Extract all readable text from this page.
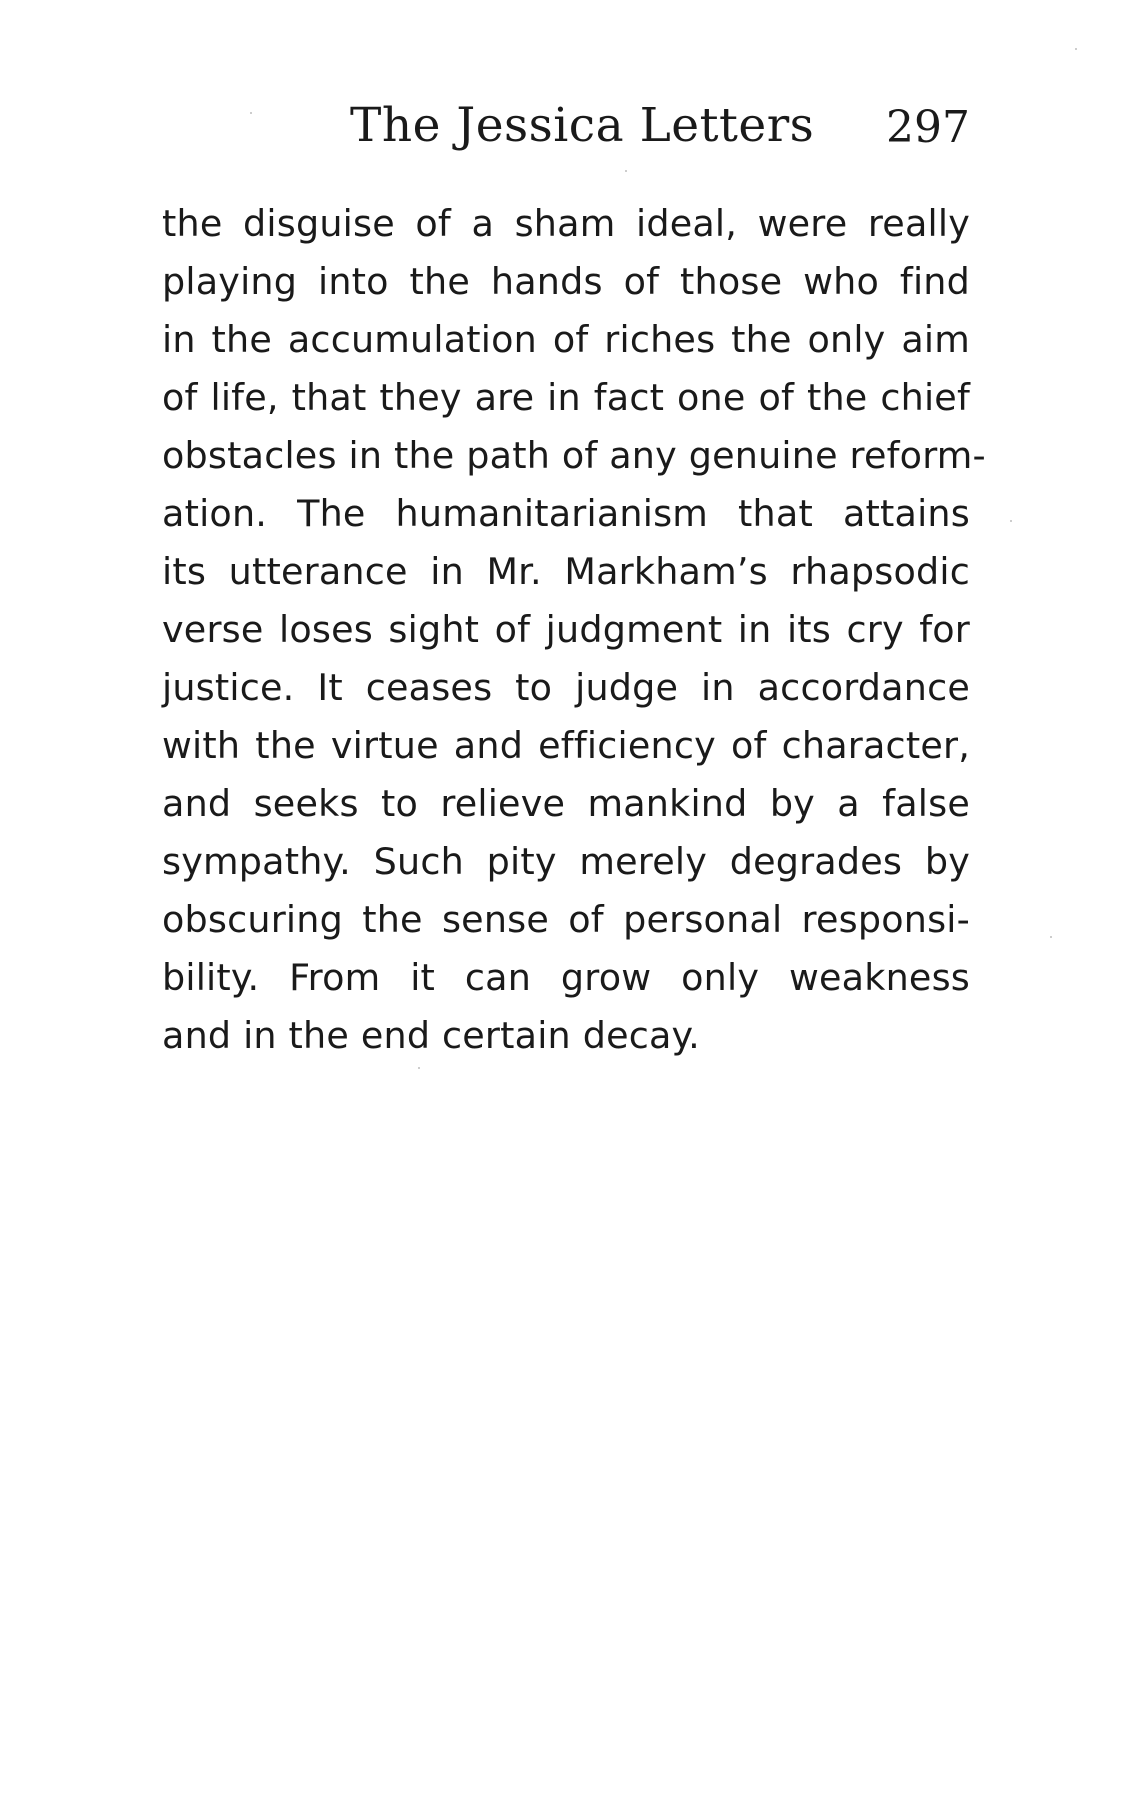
The Jessica Letters 297
the disguise of a sham ideal, were really
playing into the hands of those who find
in the accumulation of riches the only aim
of life, that they are in fact one of the chief
obstacles in the path of any genuine reform-
ation. The humanitarianism that attains
its utterance in Mr. Markham’s rhapsodic
verse loses sight of judgment in its cry for
justice. It ceases to judge in accordance
with the virtue and efficiency of character,
and seeks to relieve mankind by a false
sympathy. Such pity merely degrades by
obscuring the sense of personal responsi-
bility. From it can grow only weakness
and in the end certain decay.
